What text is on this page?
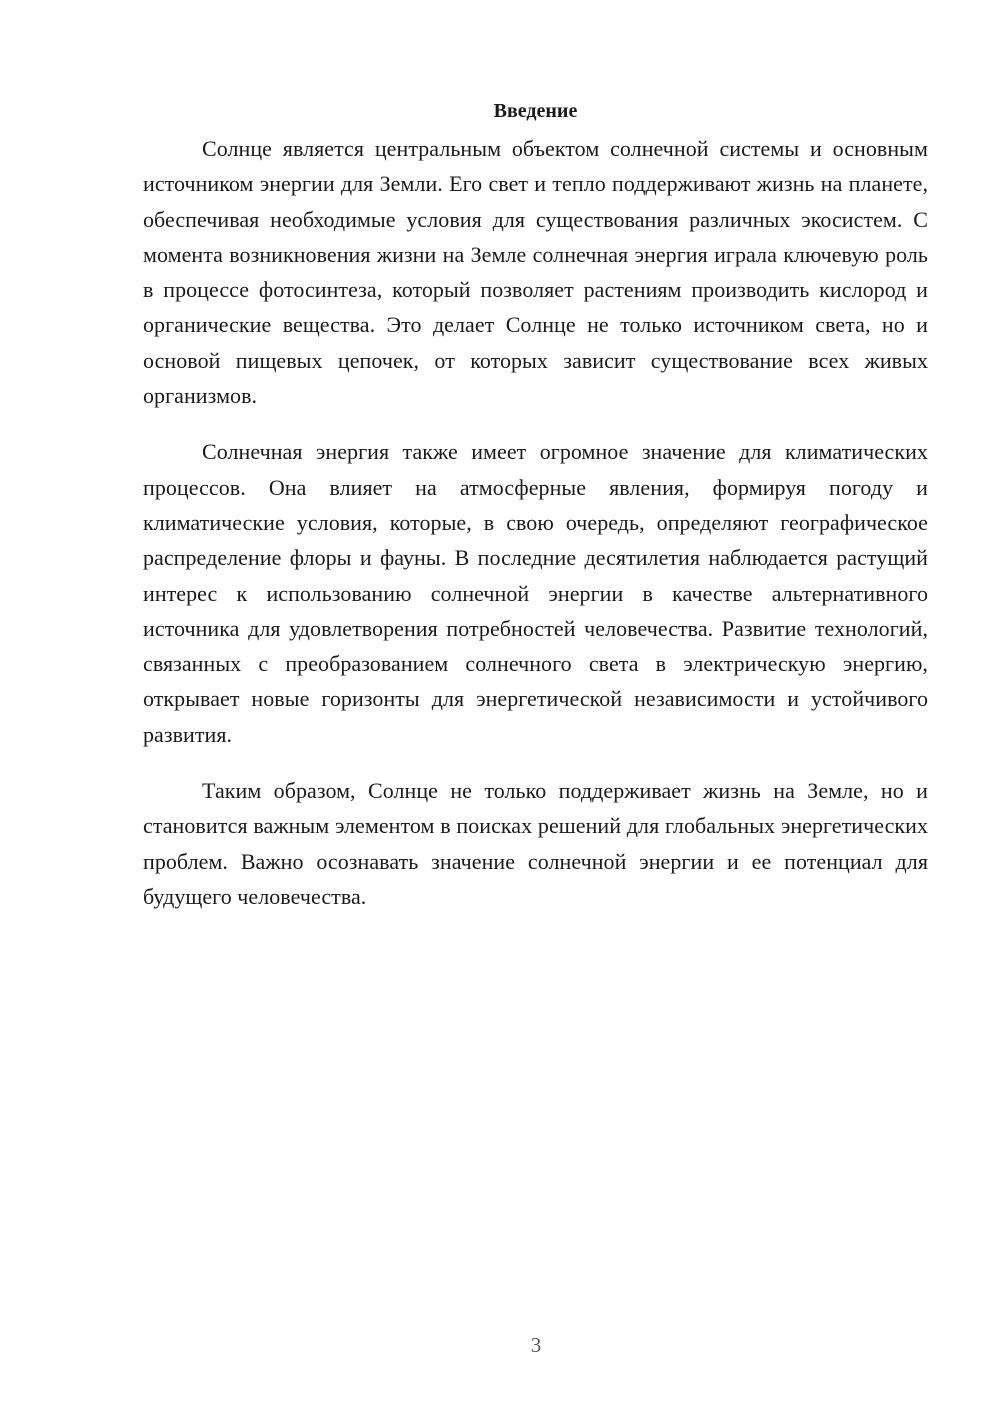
Введение

Солнце является центральным объектом солнечной системы и основным источником энергии для Земли. Его свет и тепло поддерживают жизнь на планете, обеспечивая необходимые условия для существования различных экосистем. С момента возникновения жизни на Земле солнечная энергия играла ключевую роль в процессе фотосинтеза, который позволяет растениям производить кислород и органические вещества. Это делает Солнце не только источником света, но и основой пищевых цепочек, от которых зависит существование всех живых организмов.

Солнечная энергия также имеет огромное значение для климатических процессов. Она влияет на атмосферные явления, формируя погоду и климатические условия, которые, в свою очередь, определяют географическое распределение флоры и фауны. В последние десятилетия наблюдается растущий интерес к использованию солнечной энергии в качестве альтернативного источника для удовлетворения потребностей человечества. Развитие технологий, связанных с преобразованием солнечного света в электрическую энергию, открывает новые горизонты для энергетической независимости и устойчивого развития.

Таким образом, Солнце не только поддерживает жизнь на Земле, но и становится важным элементом в поисках решений для глобальных энергетических проблем. Важно осознавать значение солнечной энергии и ее потенциал для будущего человечества.

3
